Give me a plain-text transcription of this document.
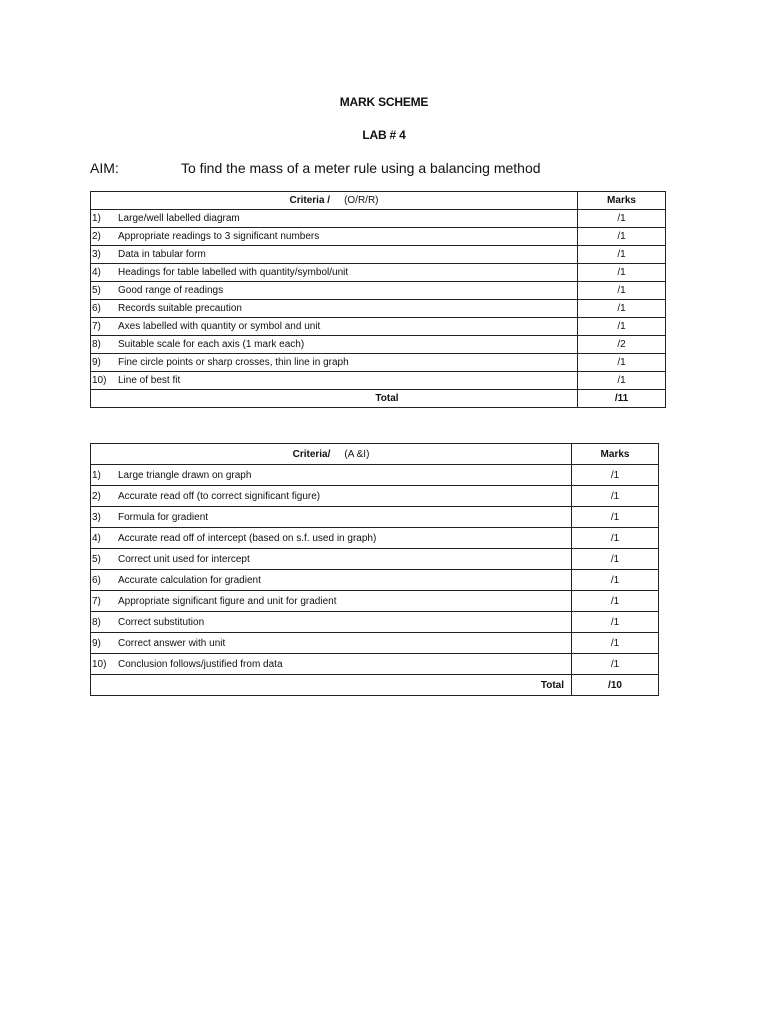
MARK SCHEME
LAB # 4
AIM:	To find the mass of a meter rule using a balancing method
Criteria / (O/R/R)	Marks
1) Large/well labelled diagram	/1
2) Appropriate readings to 3 significant numbers	/1
3) Data in tabular form	/1
4) Headings for table labelled with quantity/symbol/unit	/1
5) Good range of readings	/1
6) Records suitable precaution	/1
7) Axes labelled with quantity or symbol and unit	/1
8) Suitable scale for each axis (1 mark each)	/2
9) Fine circle points or sharp crosses, thin line in graph	/1
10) Line of best fit	/1
Total	/11
Criteria/ (A &I)	Marks
1) Large triangle drawn on graph	/1
2) Accurate read off (to correct significant figure)	/1
3) Formula for gradient	/1
4) Accurate read off of intercept (based on s.f. used in graph)	/1
5) Correct unit used for intercept	/1
6) Accurate calculation for gradient	/1
7) Appropriate significant figure and unit for gradient	/1
8) Correct substitution	/1
9) Correct answer with unit	/1
10) Conclusion follows/justified from data	/1
Total	/10
